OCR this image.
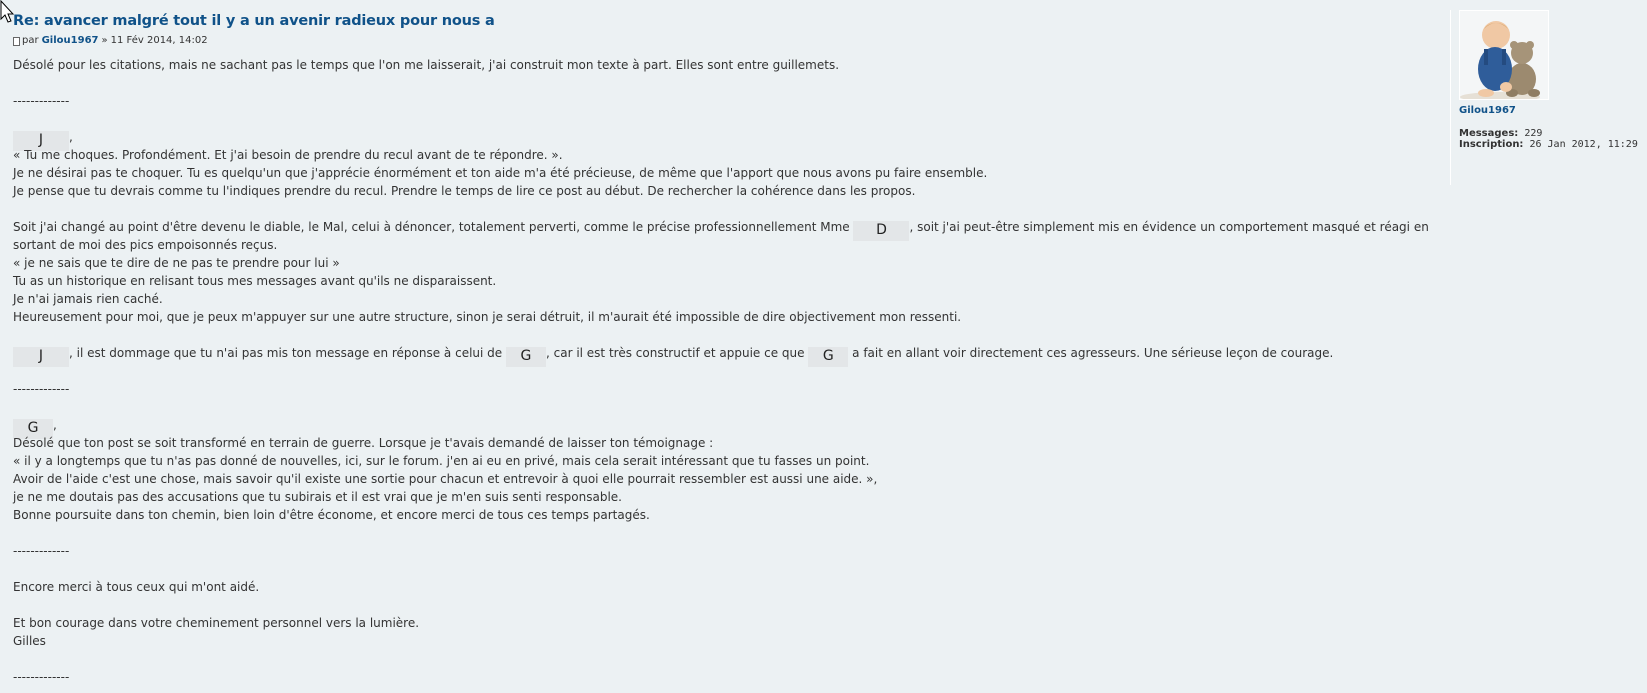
Re: avancer malgré tout il y a un avenir radieux pour nous a
par Gilou1967 » 11 Fév 2014, 14:02
Désolé pour les citations, mais ne sachant pas le temps que l'on me laisserait, j'ai construit mon texte à part. Elles sont entre guillemets.
-------------
J ,
« Tu me choques. Profondément. Et j'ai besoin de prendre du recul avant de te répondre. ».
Je ne désirai pas te choquer. Tu es quelqu'un que j'apprécie énormément et ton aide m'a été précieuse, de même que l'apport que nous avons pu faire ensemble.
Je pense que tu devrais comme tu l'indiques prendre du recul. Prendre le temps de lire ce post au début. De rechercher la cohérence dans les propos.
Soit j'ai changé au point d'être devenu le diable, le Mal, celui à dénoncer, totalement perverti, comme le précise professionnellement Mme D , soit j'ai peut-être simplement mis en évidence un comportement masqué et réagi en
sortant de moi des pics empoisonnés reçus.
« je ne sais que te dire de ne pas te prendre pour lui »
Tu as un historique en relisant tous mes messages avant qu'ils ne disparaissent.
Je n'ai jamais rien caché.
Heureusement pour moi, que je peux m'appuyer sur une autre structure, sinon je serai détruit, il m'aurait été impossible de dire objectivement mon ressenti.
J , il est dommage que tu n'ai pas mis ton message en réponse à celui de G , car il est très constructif et appuie ce que G a fait en allant voir directement ces agresseurs. Une sérieuse leçon de courage.
-------------
G ,
Désolé que ton post se soit transformé en terrain de guerre. Lorsque je t'avais demandé de laisser ton témoignage :
« il y a longtemps que tu n'as pas donné de nouvelles, ici, sur le forum. j'en ai eu en privé, mais cela serait intéressant que tu fasses un point.
Avoir de l'aide c'est une chose, mais savoir qu'il existe une sortie pour chacun et entrevoir à quoi elle pourrait ressembler est aussi une aide. »,
je ne me doutais pas des accusations que tu subirais et il est vrai que je m'en suis senti responsable.
Bonne poursuite dans ton chemin, bien loin d'être économe, et encore merci de tous ces temps partagés.
-------------
Encore merci à tous ceux qui m'ont aidé.
Et bon courage dans votre cheminement personnel vers la lumière.
Gilles
-------------
Gilou1967
Messages: 229
Inscription: 26 Jan 2012, 11:29
